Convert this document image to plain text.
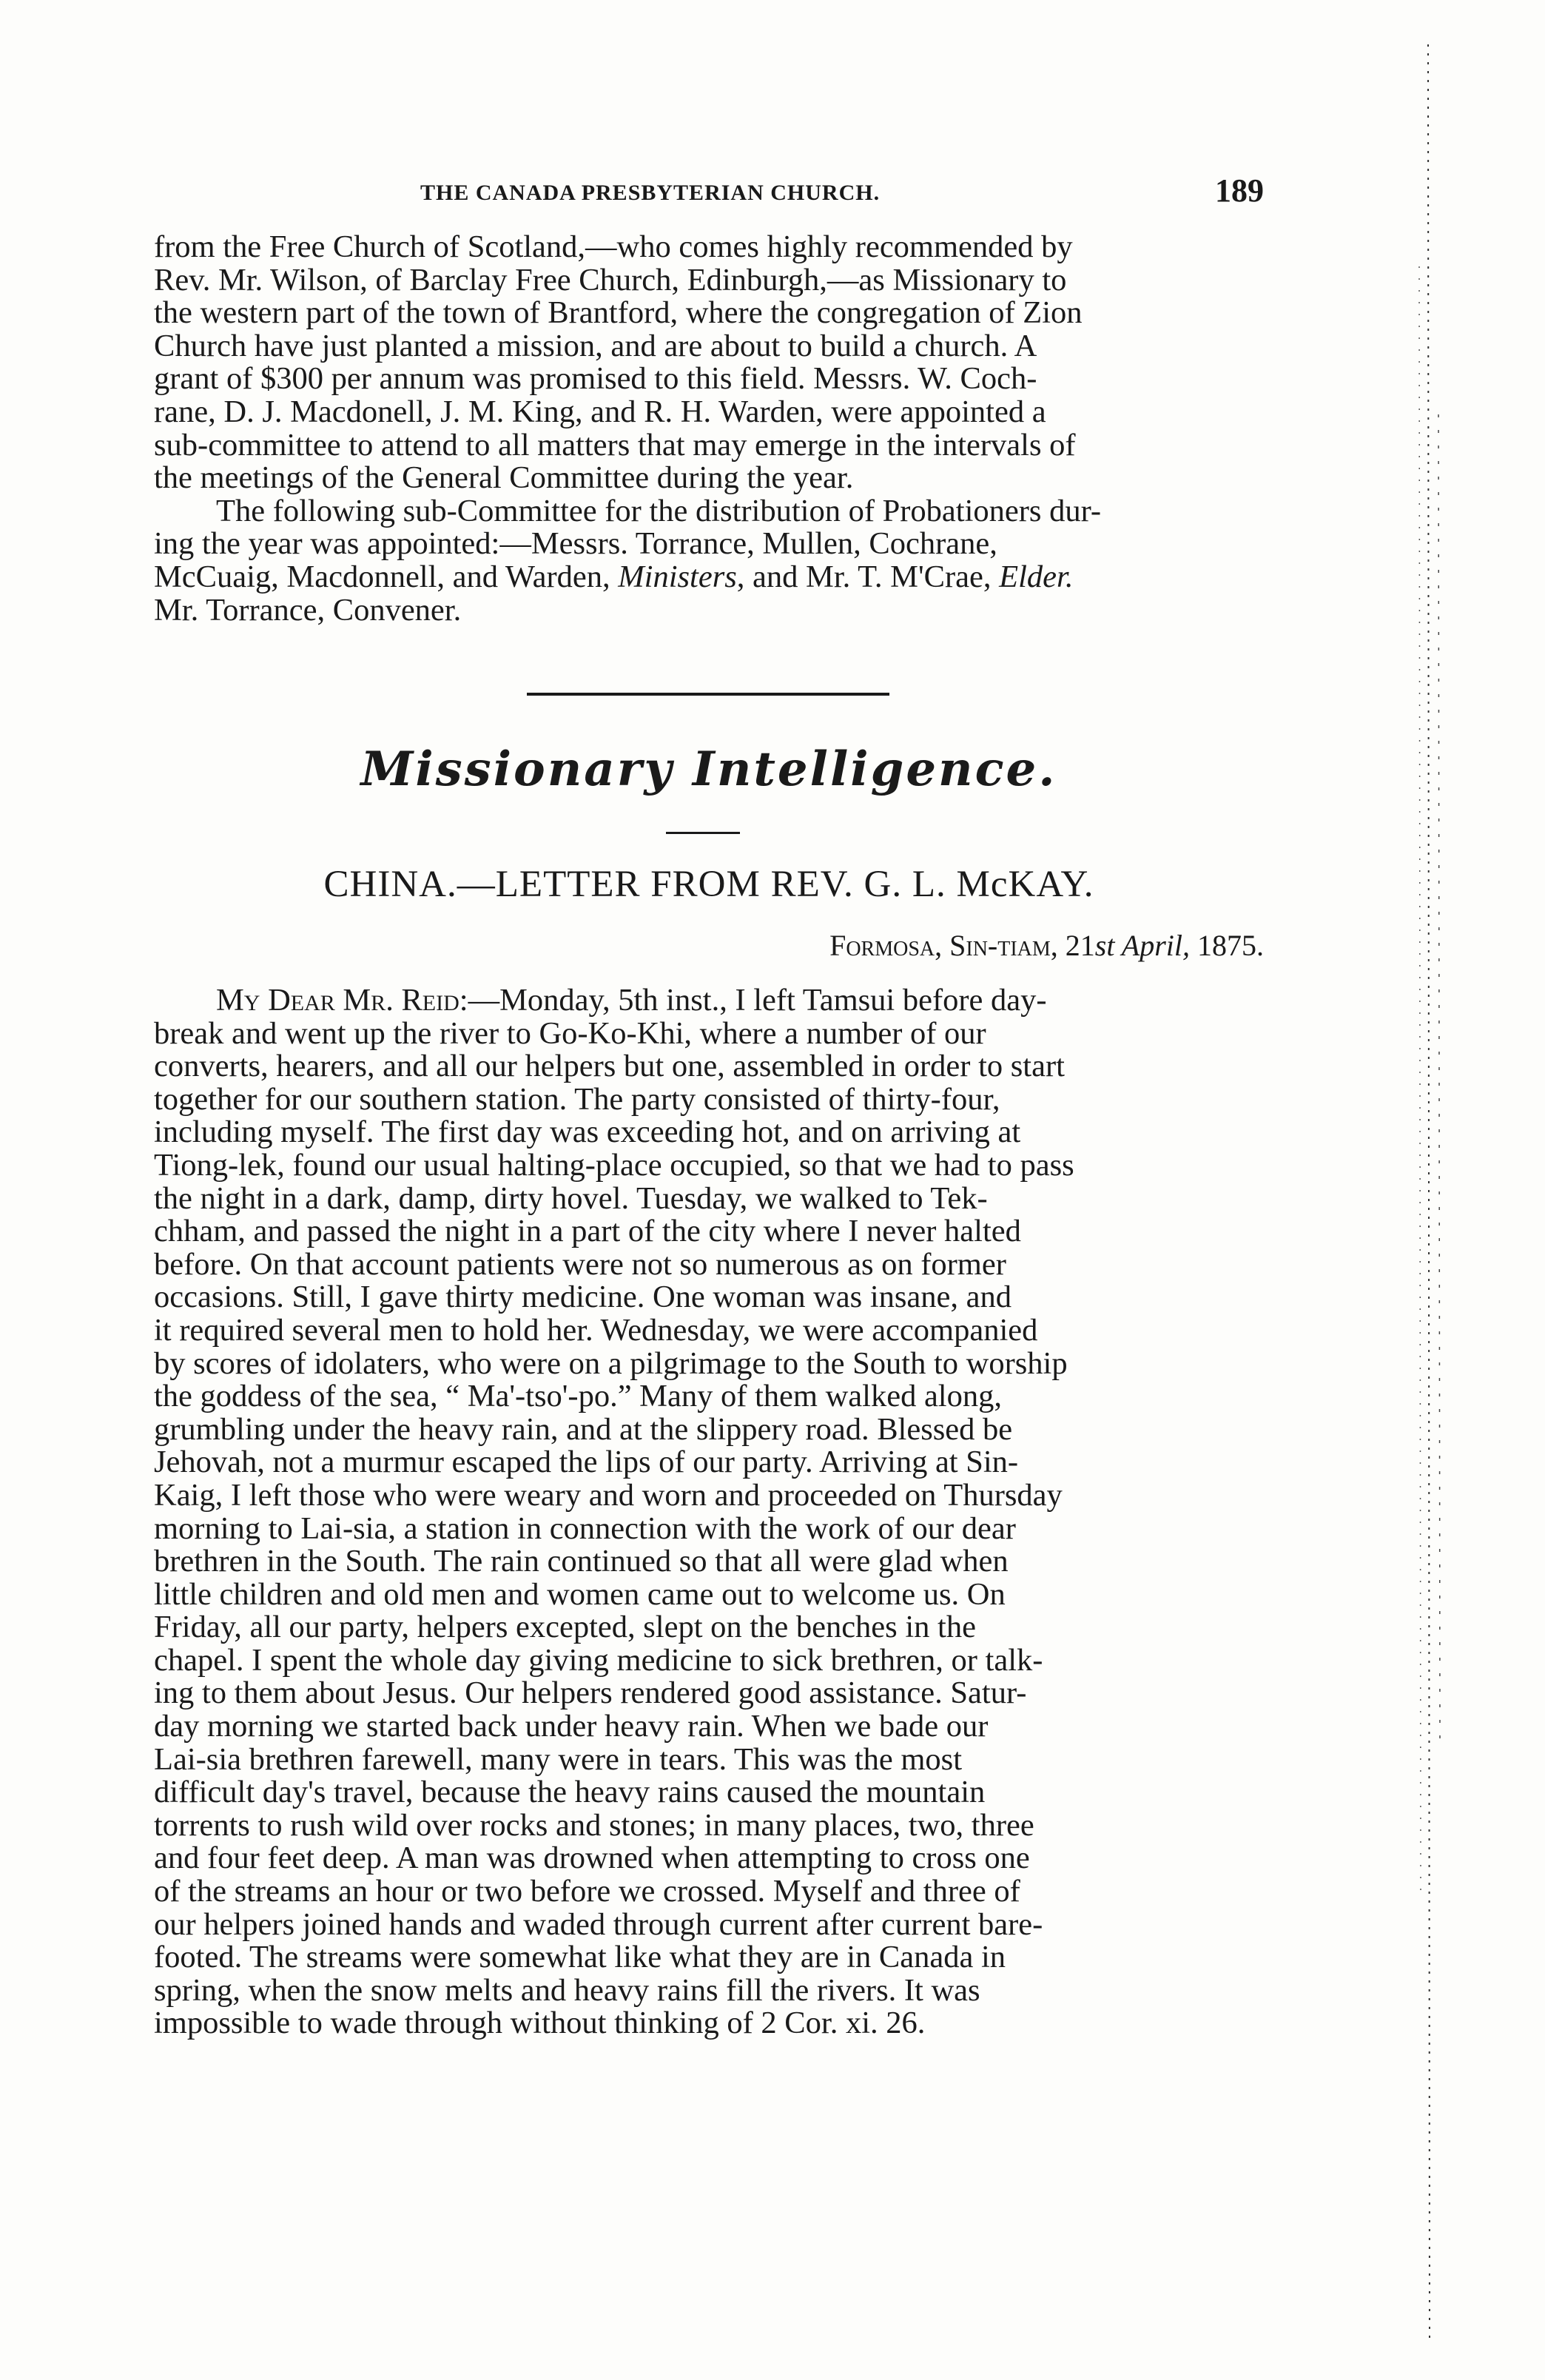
THE CANADA PRESBYTERIAN CHURCH.	189

from the Free Church of Scotland,—who comes highly recommended by
Rev. Mr. Wilson, of Barclay Free Church, Edinburgh,—as Missionary to
the western part of the town of Brantford, where the congregation of Zion
Church have just planted a mission, and are about to build a church. A
grant of $300 per annum was promised to this field. Messrs. W. Coch-
rane, D. J. Macdonell, J. M. King, and R. H. Warden, were appointed a
sub-committee to attend to all matters that may emerge in the intervals of
the meetings of the General Committee during the year.

The following sub-Committee for the distribution of Probationers dur-
ing the year was appointed:—Messrs. Torrance, Mullen, Cochrane,
McCuaig, Macdonnell, and Warden, Ministers, and Mr. T. M'Crae, Elder.
Mr. Torrance, Convener.

Missionary Intelligence.
CHINA.—LETTER FROM REV. G. L. McKAY.
Formosa, Sin-tiam, 21st April, 1875.

My Dear Mr. Reid:—Monday, 5th inst., I left Tamsui before day-
break and went up the river to Go-Ko-Khi, where a number of our
converts, hearers, and all our helpers but one, assembled in order to start
together for our southern station. The party consisted of thirty-four,
including myself. The first day was exceeding hot, and on arriving at
Tiong-lek, found our usual halting-place occupied, so that we had to pass
the night in a dark, damp, dirty hovel. Tuesday, we walked to Tek-
chham, and passed the night in a part of the city where I never halted
before. On that account patients were not so numerous as on former
occasions. Still, I gave thirty medicine. One woman was insane, and
it required several men to hold her. Wednesday, we were accompanied
by scores of idolaters, who were on a pilgrimage to the South to worship
the goddess of the sea, “ Ma'-tso'-po.” Many of them walked along,
grumbling under the heavy rain, and at the slippery road. Blessed be
Jehovah, not a murmur escaped the lips of our party. Arriving at Sin-
Kaig, I left those who were weary and worn and proceeded on Thursday
morning to Lai-sia, a station in connection with the work of our dear
brethren in the South. The rain continued so that all were glad when
little children and old men and women came out to welcome us. On
Friday, all our party, helpers excepted, slept on the benches in the
chapel. I spent the whole day giving medicine to sick brethren, or talk-
ing to them about Jesus. Our helpers rendered good assistance. Satur-
day morning we started back under heavy rain. When we bade our
Lai-sia brethren farewell, many were in tears. This was the most
difficult day's travel, because the heavy rains caused the mountain
torrents to rush wild over rocks and stones; in many places, two, three
and four feet deep. A man was drowned when attempting to cross one
of the streams an hour or two before we crossed. Myself and three of
our helpers joined hands and waded through current after current bare-
footed. The streams were somewhat like what they are in Canada in
spring, when the snow melts and heavy rains fill the rivers. It was
impossible to wade through without thinking of 2 Cor. xi. 26.
